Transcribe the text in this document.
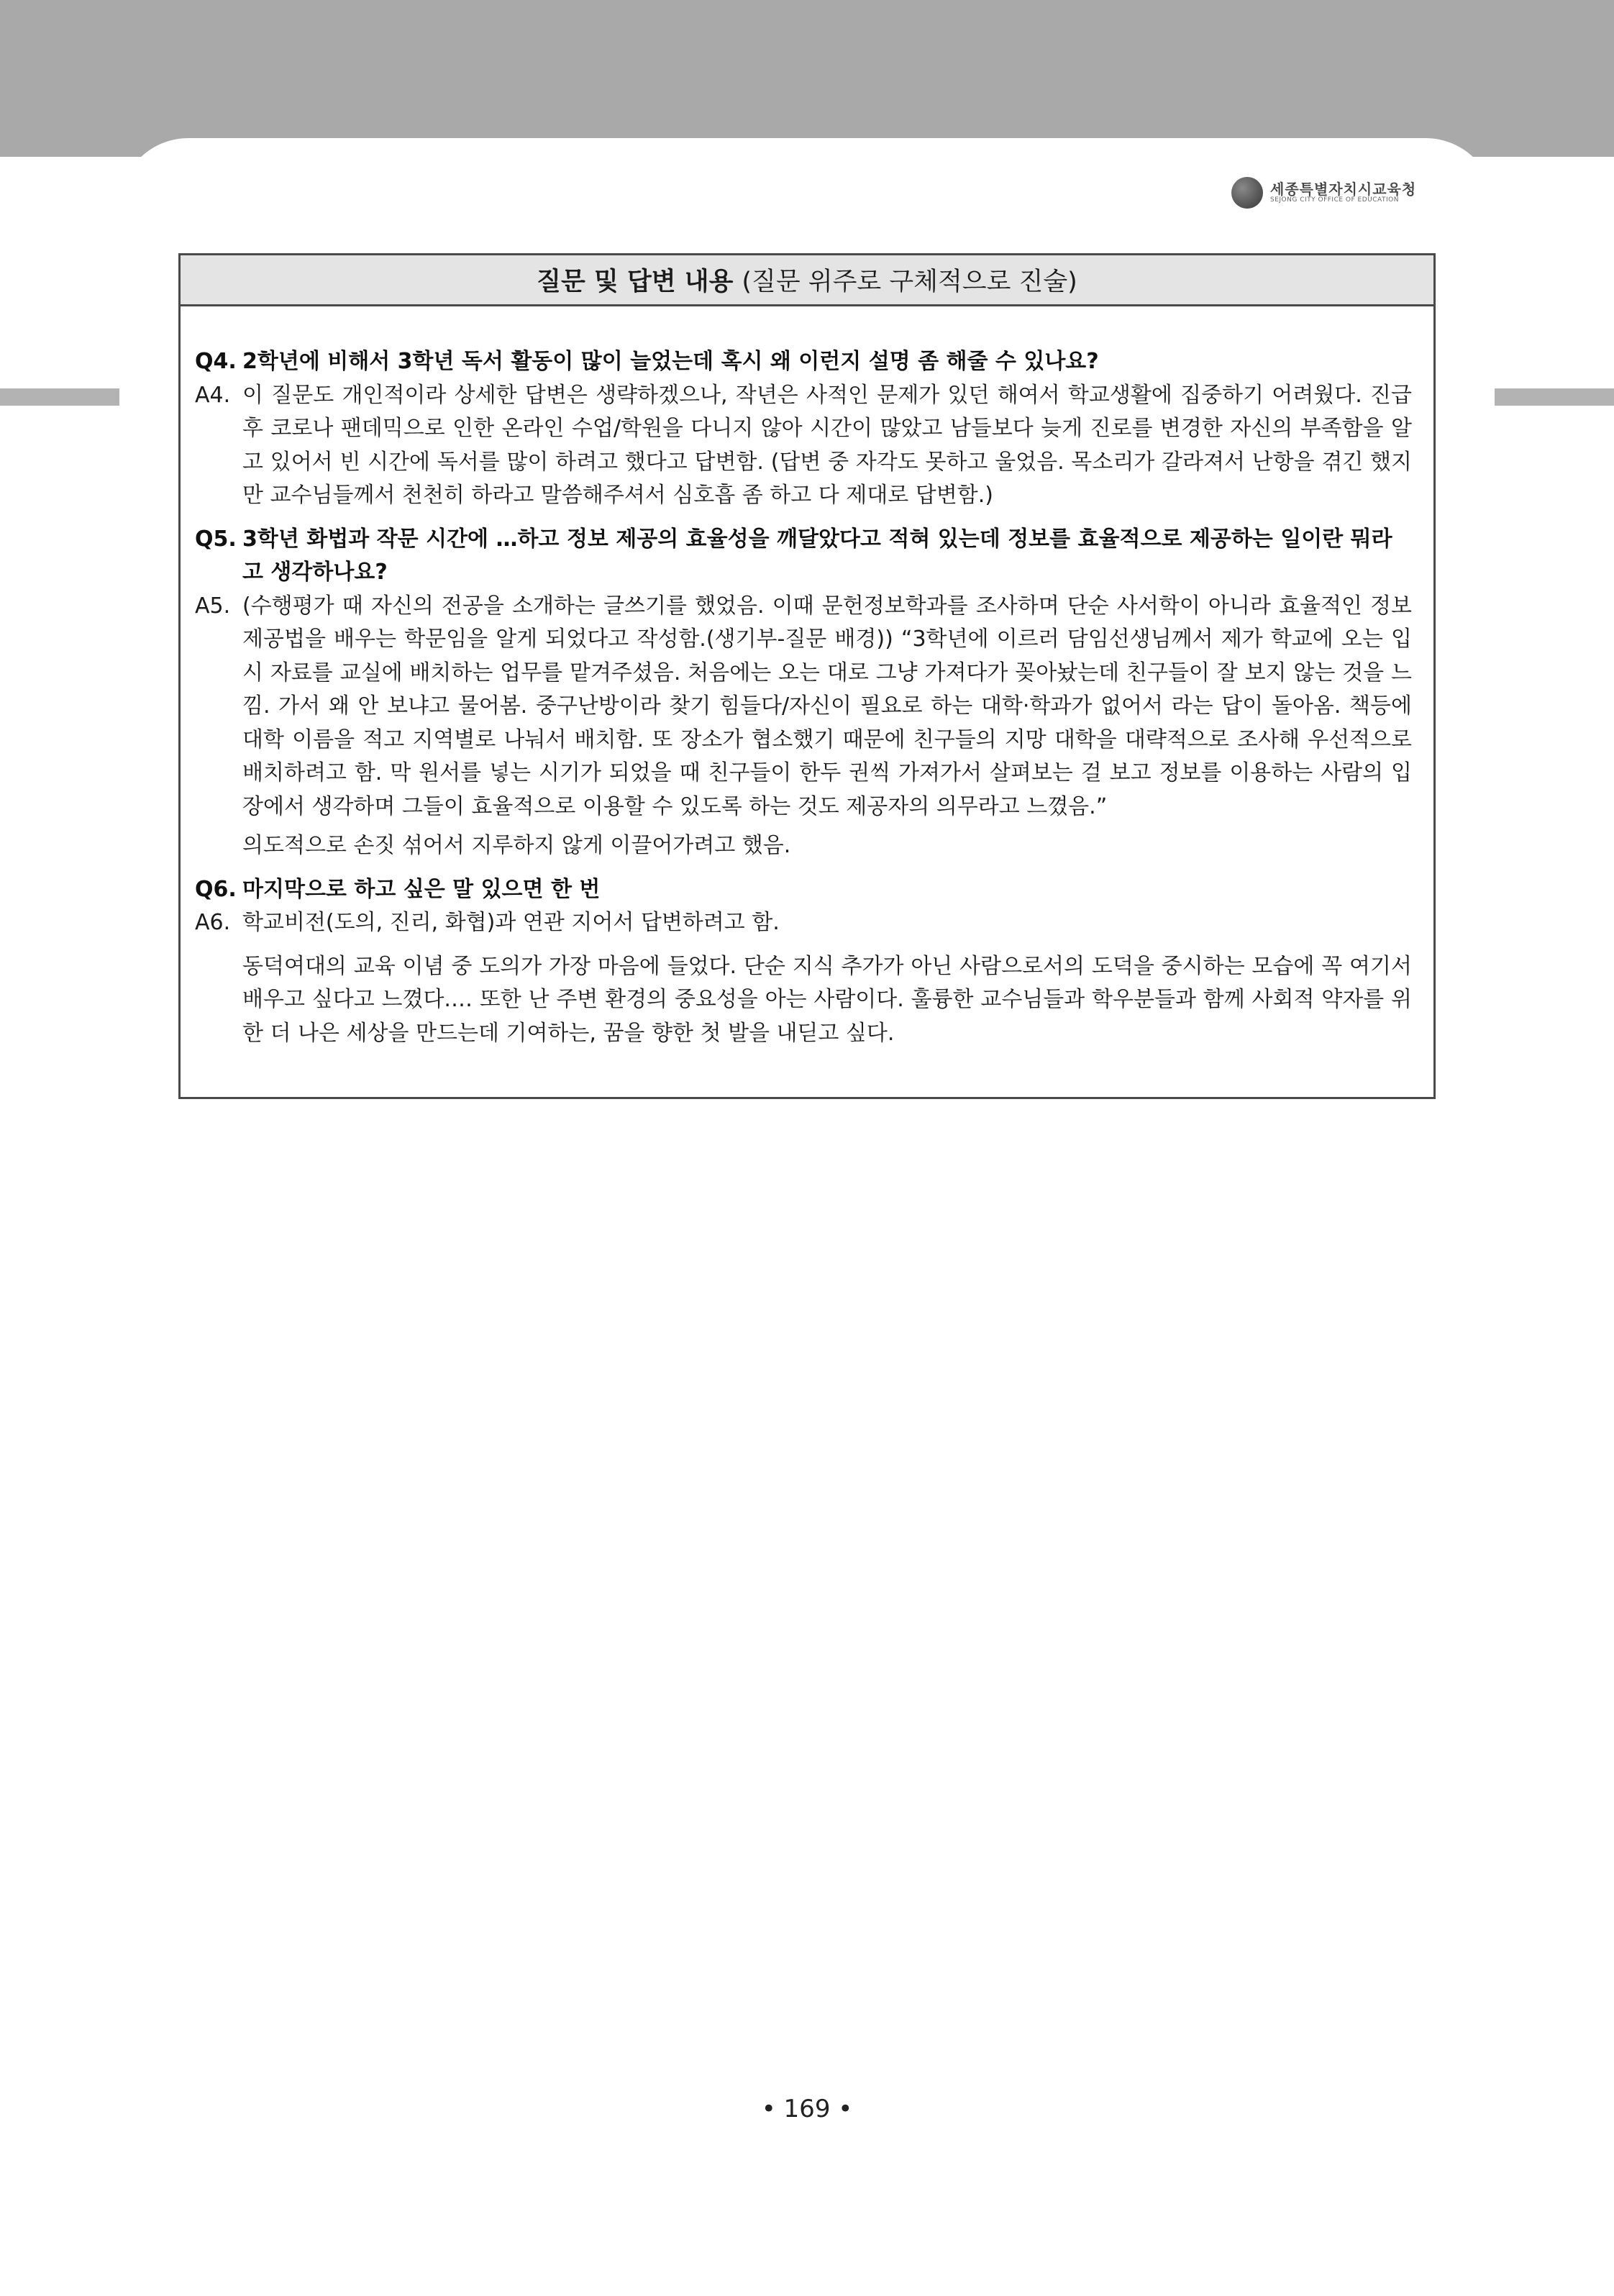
세종특별자치시교육청
SEJONG CITY OFFICE OF EDUCATION
질문 및 답변 내용 (질문 위주로 구체적으로 진술)
Q4. 2학년에 비해서 3학년 독서 활동이 많이 늘었는데 혹시 왜 이런지 설명 좀 해줄 수 있나요?
A4. 이 질문도 개인적이라 상세한 답변은 생략하겠으나, 작년은 사적인 문제가 있던 해여서 학교생활에 집중하기 어려웠다. 진급 후 코로나 팬데믹으로 인한 온라인 수업/학원을 다니지 않아 시간이 많았고 남들보다 늦게 진로를 변경한 자신의 부족함을 알고 있어서 빈 시간에 독서를 많이 하려고 했다고 답변함. (답변 중 자각도 못하고 울었음. 목소리가 갈라져서 난항을 겪긴 했지만 교수님들께서 천천히 하라고 말씀해주셔서 심호흡 좀 하고 다 제대로 답변함.)
Q5. 3학년 화법과 작문 시간에 …하고 정보 제공의 효율성을 깨달았다고 적혀 있는데 정보를 효율적으로 제공하는 일이란 뭐라고 생각하나요?
A5. (수행평가 때 자신의 전공을 소개하는 글쓰기를 했었음. 이때 문헌정보학과를 조사하며 단순 사서학이 아니라 효율적인 정보제공법을 배우는 학문임을 알게 되었다고 작성함.(생기부-질문 배경)) “3학년에 이르러 담임선생님께서 제가 학교에 오는 입시 자료를 교실에 배치하는 업무를 맡겨주셨음. 처음에는 오는 대로 그냥 가져다가 꽂아놨는데 친구들이 잘 보지 않는 것을 느낌. 가서 왜 안 보냐고 물어봄. 중구난방이라 찾기 힘들다/자신이 필요로 하는 대학·학과가 없어서 라는 답이 돌아옴. 책등에 대학 이름을 적고 지역별로 나눠서 배치함. 또 장소가 협소했기 때문에 친구들의 지망 대학을 대략적으로 조사해 우선적으로 배치하려고 함. 막 원서를 넣는 시기가 되었을 때 친구들이 한두 권씩 가져가서 살펴보는 걸 보고 정보를 이용하는 사람의 입장에서 생각하며 그들이 효율적으로 이용할 수 있도록 하는 것도 제공자의 의무라고 느꼈음.”
의도적으로 손짓 섞어서 지루하지 않게 이끌어가려고 했음.
Q6. 마지막으로 하고 싶은 말 있으면 한 번
A6. 학교비전(도의, 진리, 화협)과 연관 지어서 답변하려고 함.
동덕여대의 교육 이념 중 도의가 가장 마음에 들었다. 단순 지식 추가가 아닌 사람으로서의 도덕을 중시하는 모습에 꼭 여기서 배우고 싶다고 느꼈다.… 또한 난 주변 환경의 중요성을 아는 사람이다. 훌륭한 교수님들과 학우분들과 함께 사회적 약자를 위한 더 나은 세상을 만드는데 기여하는, 꿈을 향한 첫 발을 내딛고 싶다.
• 169 •
